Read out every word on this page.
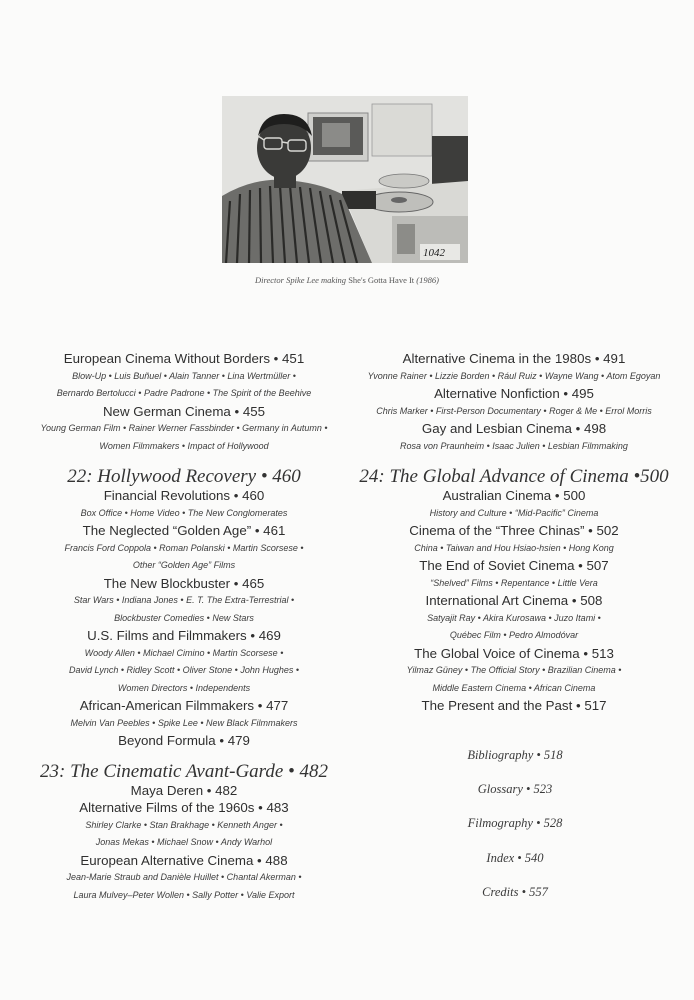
1042
Director Spike Lee making She's Gotta Have It (1986)
European Cinema Without Borders • 451
Blow-Up • Luis Buñuel • Alain Tanner • Lina Wertmüller •
Bernardo Bertolucci • Padre Padrone • The Spirit of the Beehive
New German Cinema • 455
Young German Film • Rainer Werner Fassbinder • Germany in Autumn •
Women Filmmakers • Impact of Hollywood
22: Hollywood Recovery • 460
Financial Revolutions • 460
Box Office • Home Video • The New Conglomerates
The Neglected “Golden Age” • 461
Francis Ford Coppola • Roman Polanski • Martin Scorsese •
Other “Golden Age” Films
The New Blockbuster • 465
Star Wars • Indiana Jones • E. T. The Extra-Terrestrial •
Blockbuster Comedies • New Stars
U.S. Films and Filmmakers • 469
Woody Allen • Michael Cimino • Martin Scorsese •
David Lynch • Ridley Scott • Oliver Stone • John Hughes •
Women Directors • Independents
African-American Filmmakers • 477
Melvin Van Peebles • Spike Lee • New Black Filmmakers
Beyond Formula • 479
23: The Cinematic Avant-Garde • 482
Maya Deren • 482
Alternative Films of the 1960s • 483
Shirley Clarke • Stan Brakhage • Kenneth Anger •
Jonas Mekas • Michael Snow • Andy Warhol
European Alternative Cinema • 488
Jean-Marie Straub and Danièle Huillet • Chantal Akerman •
Laura Mulvey–Peter Wollen • Sally Potter • Valie Export
Alternative Cinema in the 1980s • 491
Yvonne Rainer • Lizzie Borden • Rául Ruiz • Wayne Wang • Atom Egoyan
Alternative Nonfiction • 495
Chris Marker • First-Person Documentary • Roger & Me • Errol Morris
Gay and Lesbian Cinema • 498
Rosa von Praunheim • Isaac Julien • Lesbian Filmmaking
24: The Global Advance of Cinema •500
Australian Cinema • 500
History and Culture • “Mid-Pacific” Cinema
Cinema of the “Three Chinas” • 502
China • Taiwan and Hou Hsiao-hsien • Hong Kong
The End of Soviet Cinema • 507
“Shelved” Films • Repentance • Little Vera
International Art Cinema • 508
Satyajit Ray • Akira Kurosawa • Juzo Itami •
Québec Film • Pedro Almodóvar
The Global Voice of Cinema • 513
Yilmaz Güney • The Official Story • Brazilian Cinema •
Middle Eastern Cinema • African Cinema
The Present and the Past • 517
Bibliography • 518
Glossary • 523
Filmography • 528
Index • 540
Credits • 557
